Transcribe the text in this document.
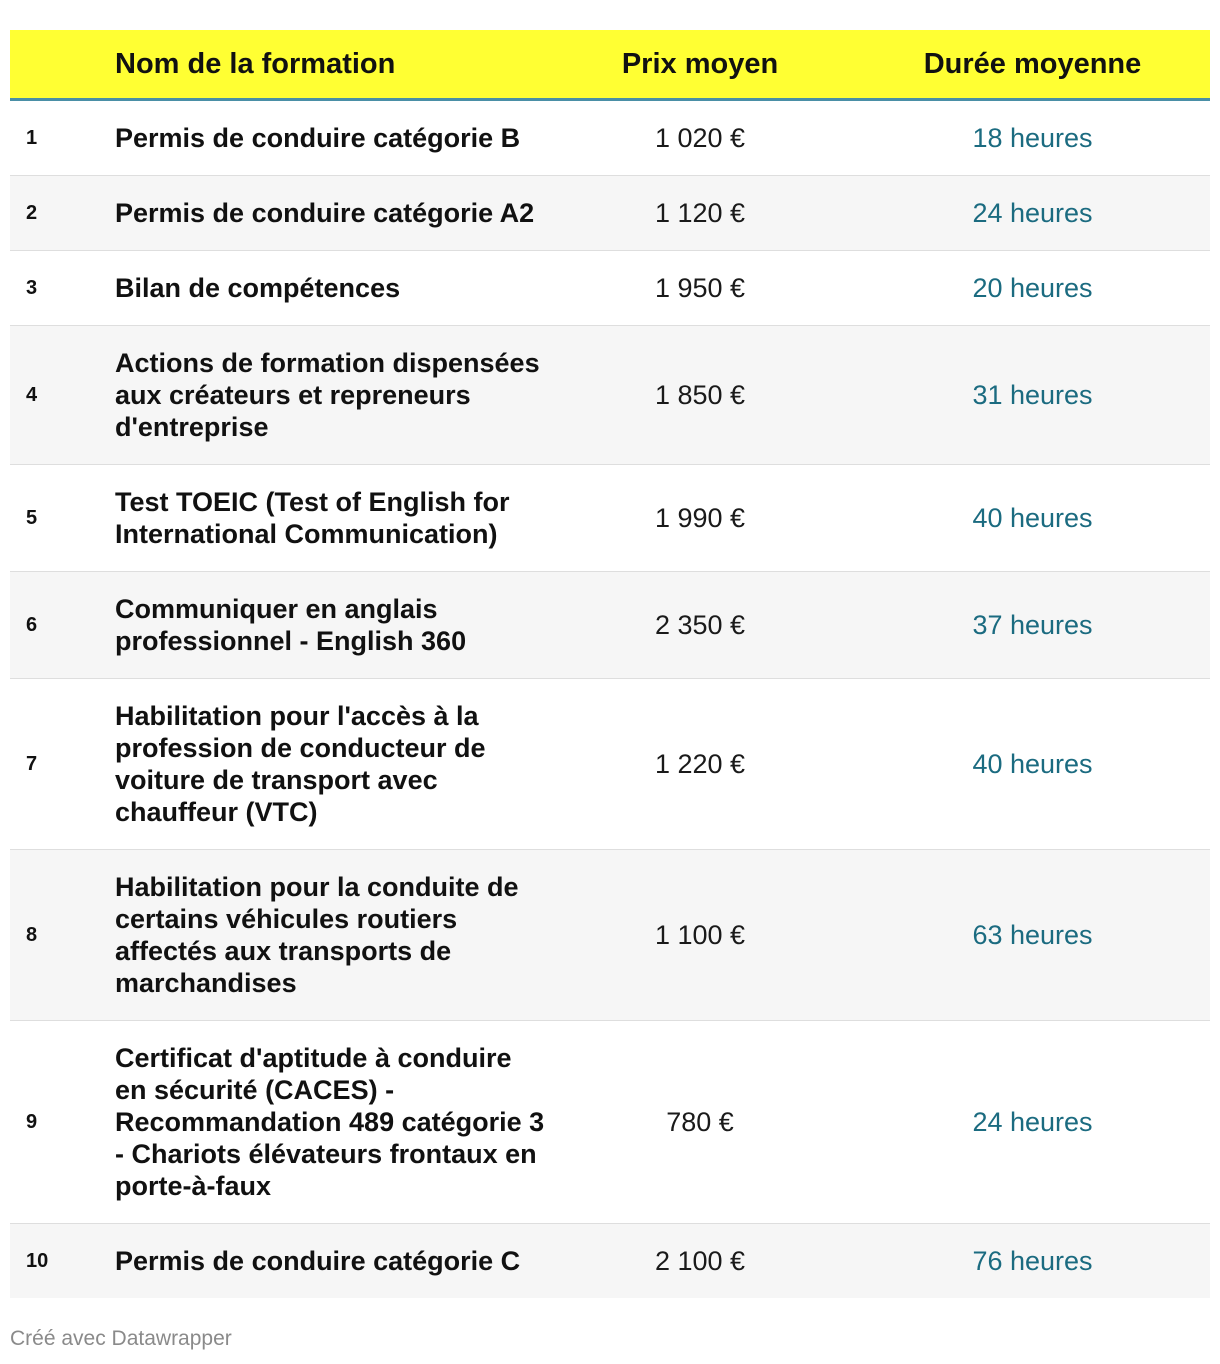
	Nom de la formation	Prix moyen	Durée moyenne
1	Permis de conduire catégorie B	1 020 €	18 heures
2	Permis de conduire catégorie A2	1 120 €	24 heures
3	Bilan de compétences	1 950 €	20 heures
4	Actions de formation dispensées aux créateurs et repreneurs d'entreprise	1 850 €	31 heures
5	Test TOEIC (Test of English for International Communication)	1 990 €	40 heures
6	Communiquer en anglais professionnel - English 360	2 350 €	37 heures
7	Habilitation pour l'accès à la profession de conducteur de voiture de transport avec chauffeur (VTC)	1 220 €	40 heures
8	Habilitation pour la conduite de certains véhicules routiers affectés aux transports de marchandises	1 100 €	63 heures
9	Certificat d'aptitude à conduire en sécurité (CACES) - Recommandation 489 catégorie 3 - Chariots élévateurs frontaux en porte-à-faux	780 €	24 heures
10	Permis de conduire catégorie C	2 100 €	76 heures
Créé avec Datawrapper
